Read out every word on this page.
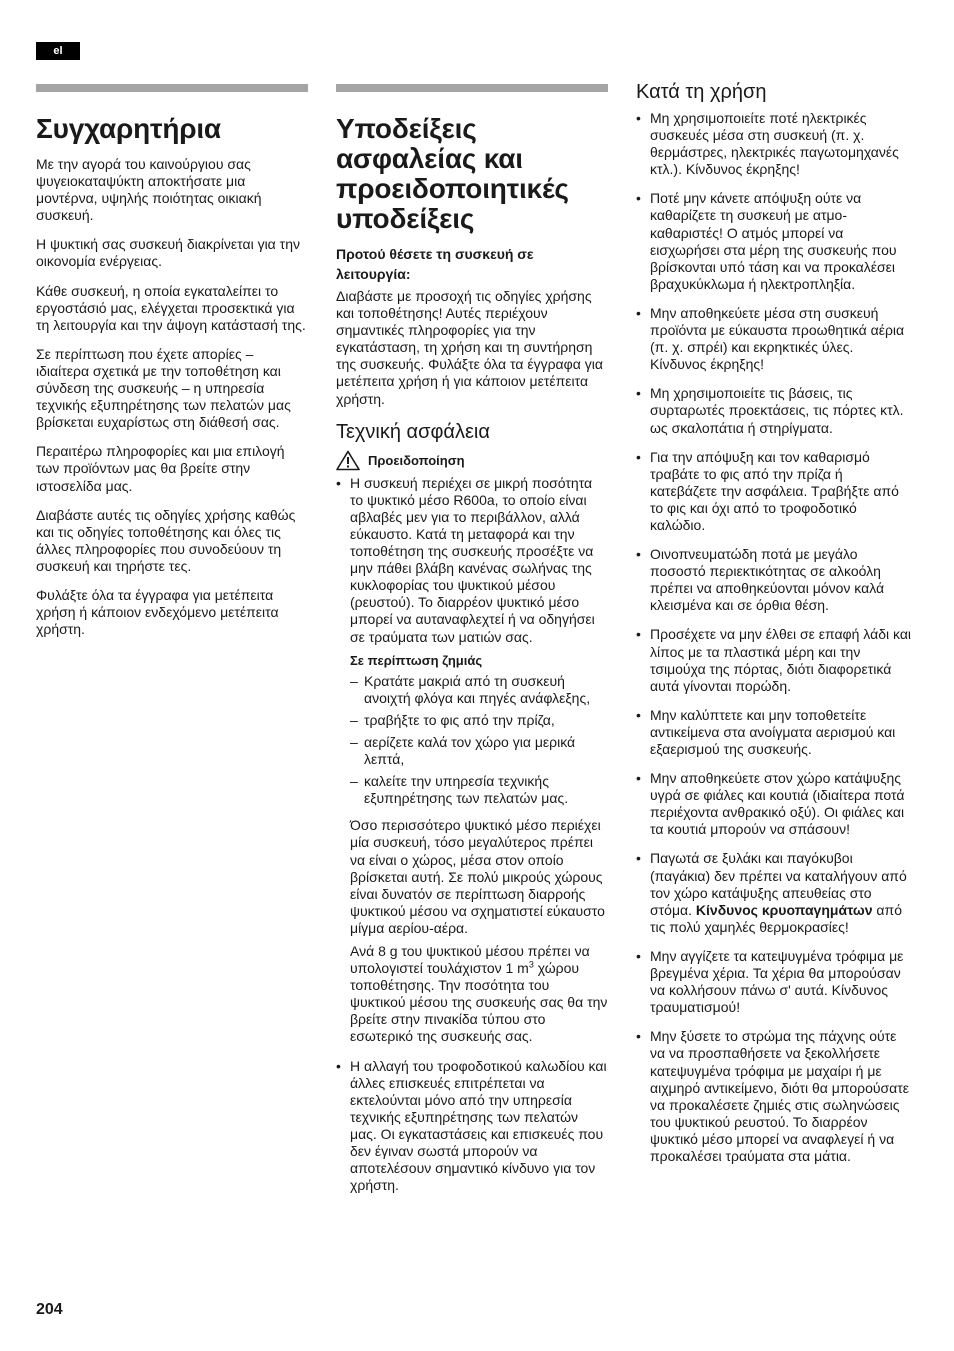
el
Συγχαρητήρια

Με την αγορά του καινούργιου σας ψυγειοκαταψύκτη αποκτήσατε μια μοντέρνα, υψηλής ποιότητας οικιακή συσκευή.

Η ψυκτική σας συσκευή διακρίνεται για την οικονομία ενέργειας.

Κάθε συσκευή, η οποία εγκαταλείπει το εργοστάσιό μας, ελέγχεται προσεκτικά για τη λειτουργία και την άψογη κατάστασή της.

Σε περίπτωση που έχετε απορίες – ιδιαίτερα σχετικά με την τοποθέτηση και σύνδεση της συσκευής – η υπηρεσία τεχνικής εξυπηρέτησης των πελατών μας βρίσκεται ευχαρίστως στη διάθεσή σας.

Περαιτέρω πληροφορίες και μια επιλογή των προϊόντων μας θα βρείτε στην ιστοσελίδα μας.

Διαβάστε αυτές τις οδηγίες χρήσης καθώς και τις οδηγίες τοποθέτησης και όλες τις άλλες πληροφορίες που συνοδεύουν τη συσκευή και τηρήστε τες.

Φυλάξτε όλα τα έγγραφα για μετέπειτα χρήση ή κάποιον ενδεχόμενο μετέπειτα χρήστη.

Υποδείξεις ασφαλείας και προειδοποιητικές υποδείξεις
Προτού θέσετε τη συσκευή σε λειτουργία:

Διαβάστε με προσοχή τις οδηγίες χρήσης και τοποθέτησης! Αυτές περιέχουν σημαντικές πληροφορίες για την εγκατάσταση, τη χρήση και τη συντήρηση της συσκευής. Φυλάξτε όλα τα έγγραφα για μετέπειτα χρήση ή για κάποιον μετέπειτα χρήστη.

Τεχνική ασφάλεια
Προειδοποίηση
• Η συσκευή περιέχει σε μικρή ποσότητα το ψυκτικό μέσο R600a, το οποίο είναι αβλαβές μεν για το περιβάλλον, αλλά εύκαυστο. Κατά τη μεταφορά και την τοποθέτηση της συσκευής προσέξτε να μην πάθει βλάβη κανένας σωλήνας της κυκλοφορίας του ψυκτικού μέσου (ρευστού). Το διαρρέον ψυκτικό μέσο μπορεί να αυταναφλεχτεί ή να οδηγήσει σε τραύματα των ματιών σας.
Σε περίπτωση ζημιάς
– Κρατάτε μακριά από τη συσκευή ανοιχτή φλόγα και πηγές ανάφλεξης,
– τραβήξτε το φις από την πρίζα,
– αερίζετε καλά τον χώρο για μερικά λεπτά,
– καλείτε την υπηρεσία τεχνικής εξυπηρέτησης των πελατών μας.

Όσο περισσότερο ψυκτικό μέσο περιέχει μία συσκευή, τόσο μεγαλύτερος πρέπει να είναι ο χώρος, μέσα στον οποίο βρίσκεται αυτή. Σε πολύ μικρούς χώρους είναι δυνατόν σε περίπτωση διαρροής ψυκτικού μέσου να σχηματιστεί εύκαυστο μίγμα αερίου-αέρα.

Ανά 8 g του ψυκτικού μέσου πρέπει να υπολογιστεί τουλάχιστον 1 $m^3$ χώρου τοποθέτησης. Την ποσότητα του ψυκτικού μέσου της συσκευής σας θα την βρείτε στην πινακίδα τύπου στο εσωτερικό της συσκευής σας.

• Η αλλαγή του τροφοδοτικού καλωδίου και άλλες επισκευές επιτρέπεται να εκτελούνται μόνο από την υπηρεσία τεχνικής εξυπηρέτησης των πελατών μας. Οι εγκαταστάσεις και επισκευές που δεν έγιναν σωστά μπορούν να αποτελέσουν σημαντικό κίνδυνο για τον χρήστη.
Κατά τη χρήση
• Μη χρησιμοποιείτε ποτέ ηλεκτρικές συσκευές μέσα στη συσκευή (π. χ. θερμάστρες, ηλεκτρικές παγωτομηχανές κτλ.). Κίνδυνος έκρηξης!
• Ποτέ μην κάνετε απόψυξη ούτε να καθαρίζετε τη συσκευή με ατμοκαθαριστές! Ο ατμός μπορεί να εισχωρήσει στα μέρη της συσκευής που βρίσκονται υπό τάση και να προκαλέσει βραχυκύκλωμα ή ηλεκτροπληξία.
• Μην αποθηκεύετε μέσα στη συσκευή προϊόντα με εύκαυστα προωθητικά αέρια (π. χ. σπρέι) και εκρηκτικές ύλες. Κίνδυνος έκρηξης!
• Μη χρησιμοποιείτε τις βάσεις, τις συρταρωτές προεκτάσεις, τις πόρτες κτλ. ως σκαλοπάτια ή στηρίγματα.
• Για την απόψυξη και τον καθαρισμό τραβάτε το φις από την πρίζα ή κατεβάζετε την ασφάλεια. Τραβήξτε από το φις και όχι από το τροφοδοτικό καλώδιο.
• Οινοπνευματώδη ποτά με μεγάλο ποσοστό περιεκτικότητας σε αλκοόλη πρέπει να αποθηκεύονται μόνον καλά κλεισμένα και σε όρθια θέση.
• Προσέχετε να μην έλθει σε επαφή λάδι και λίπος με τα πλαστικά μέρη και την τσιμούχα της πόρτας, διότι διαφορετικά αυτά γίνονται πορώδη.
• Μην καλύπτετε και μην τοποθετείτε αντικείμενα στα ανοίγματα αερισμού και εξαερισμού της συσκευής.
• Μην αποθηκεύετε στον χώρο κατάψυξης υγρά σε φιάλες και κουτιά (ιδιαίτερα ποτά περιέχοντα ανθρακικό οξύ). Οι φιάλες και τα κουτιά μπορούν να σπάσουν!
• Παγωτά σε ξυλάκι και παγόκυβοι (παγάκια) δεν πρέπει να καταλήγουν από τον χώρο κατάψυξης απευθείας στο στόμα. Κίνδυνος κρυοπαγημάτων από τις πολύ χαμηλές θερμοκρασίες!
• Μην αγγίζετε τα κατεψυγμένα τρόφιμα με βρεγμένα χέρια. Τα χέρια θα μπορούσαν να κολλήσουν πάνω σ' αυτά. Κίνδυνος τραυματισμού!
• Μην ξύσετε το στρώμα της πάχνης ούτε να να προσπαθήσετε να ξεκολλήσετε κατεψυγμένα τρόφιμα με μαχαίρι ή με αιχμηρό αντικείμενο, διότι θα μπορούσατε να προκαλέσετε ζημιές στις σωληνώσεις του ψυκτικού ρευστού. Το διαρρέον ψυκτικό μέσο μπορεί να αναφλεγεί ή να προκαλέσει τραύματα στα μάτια.
204
